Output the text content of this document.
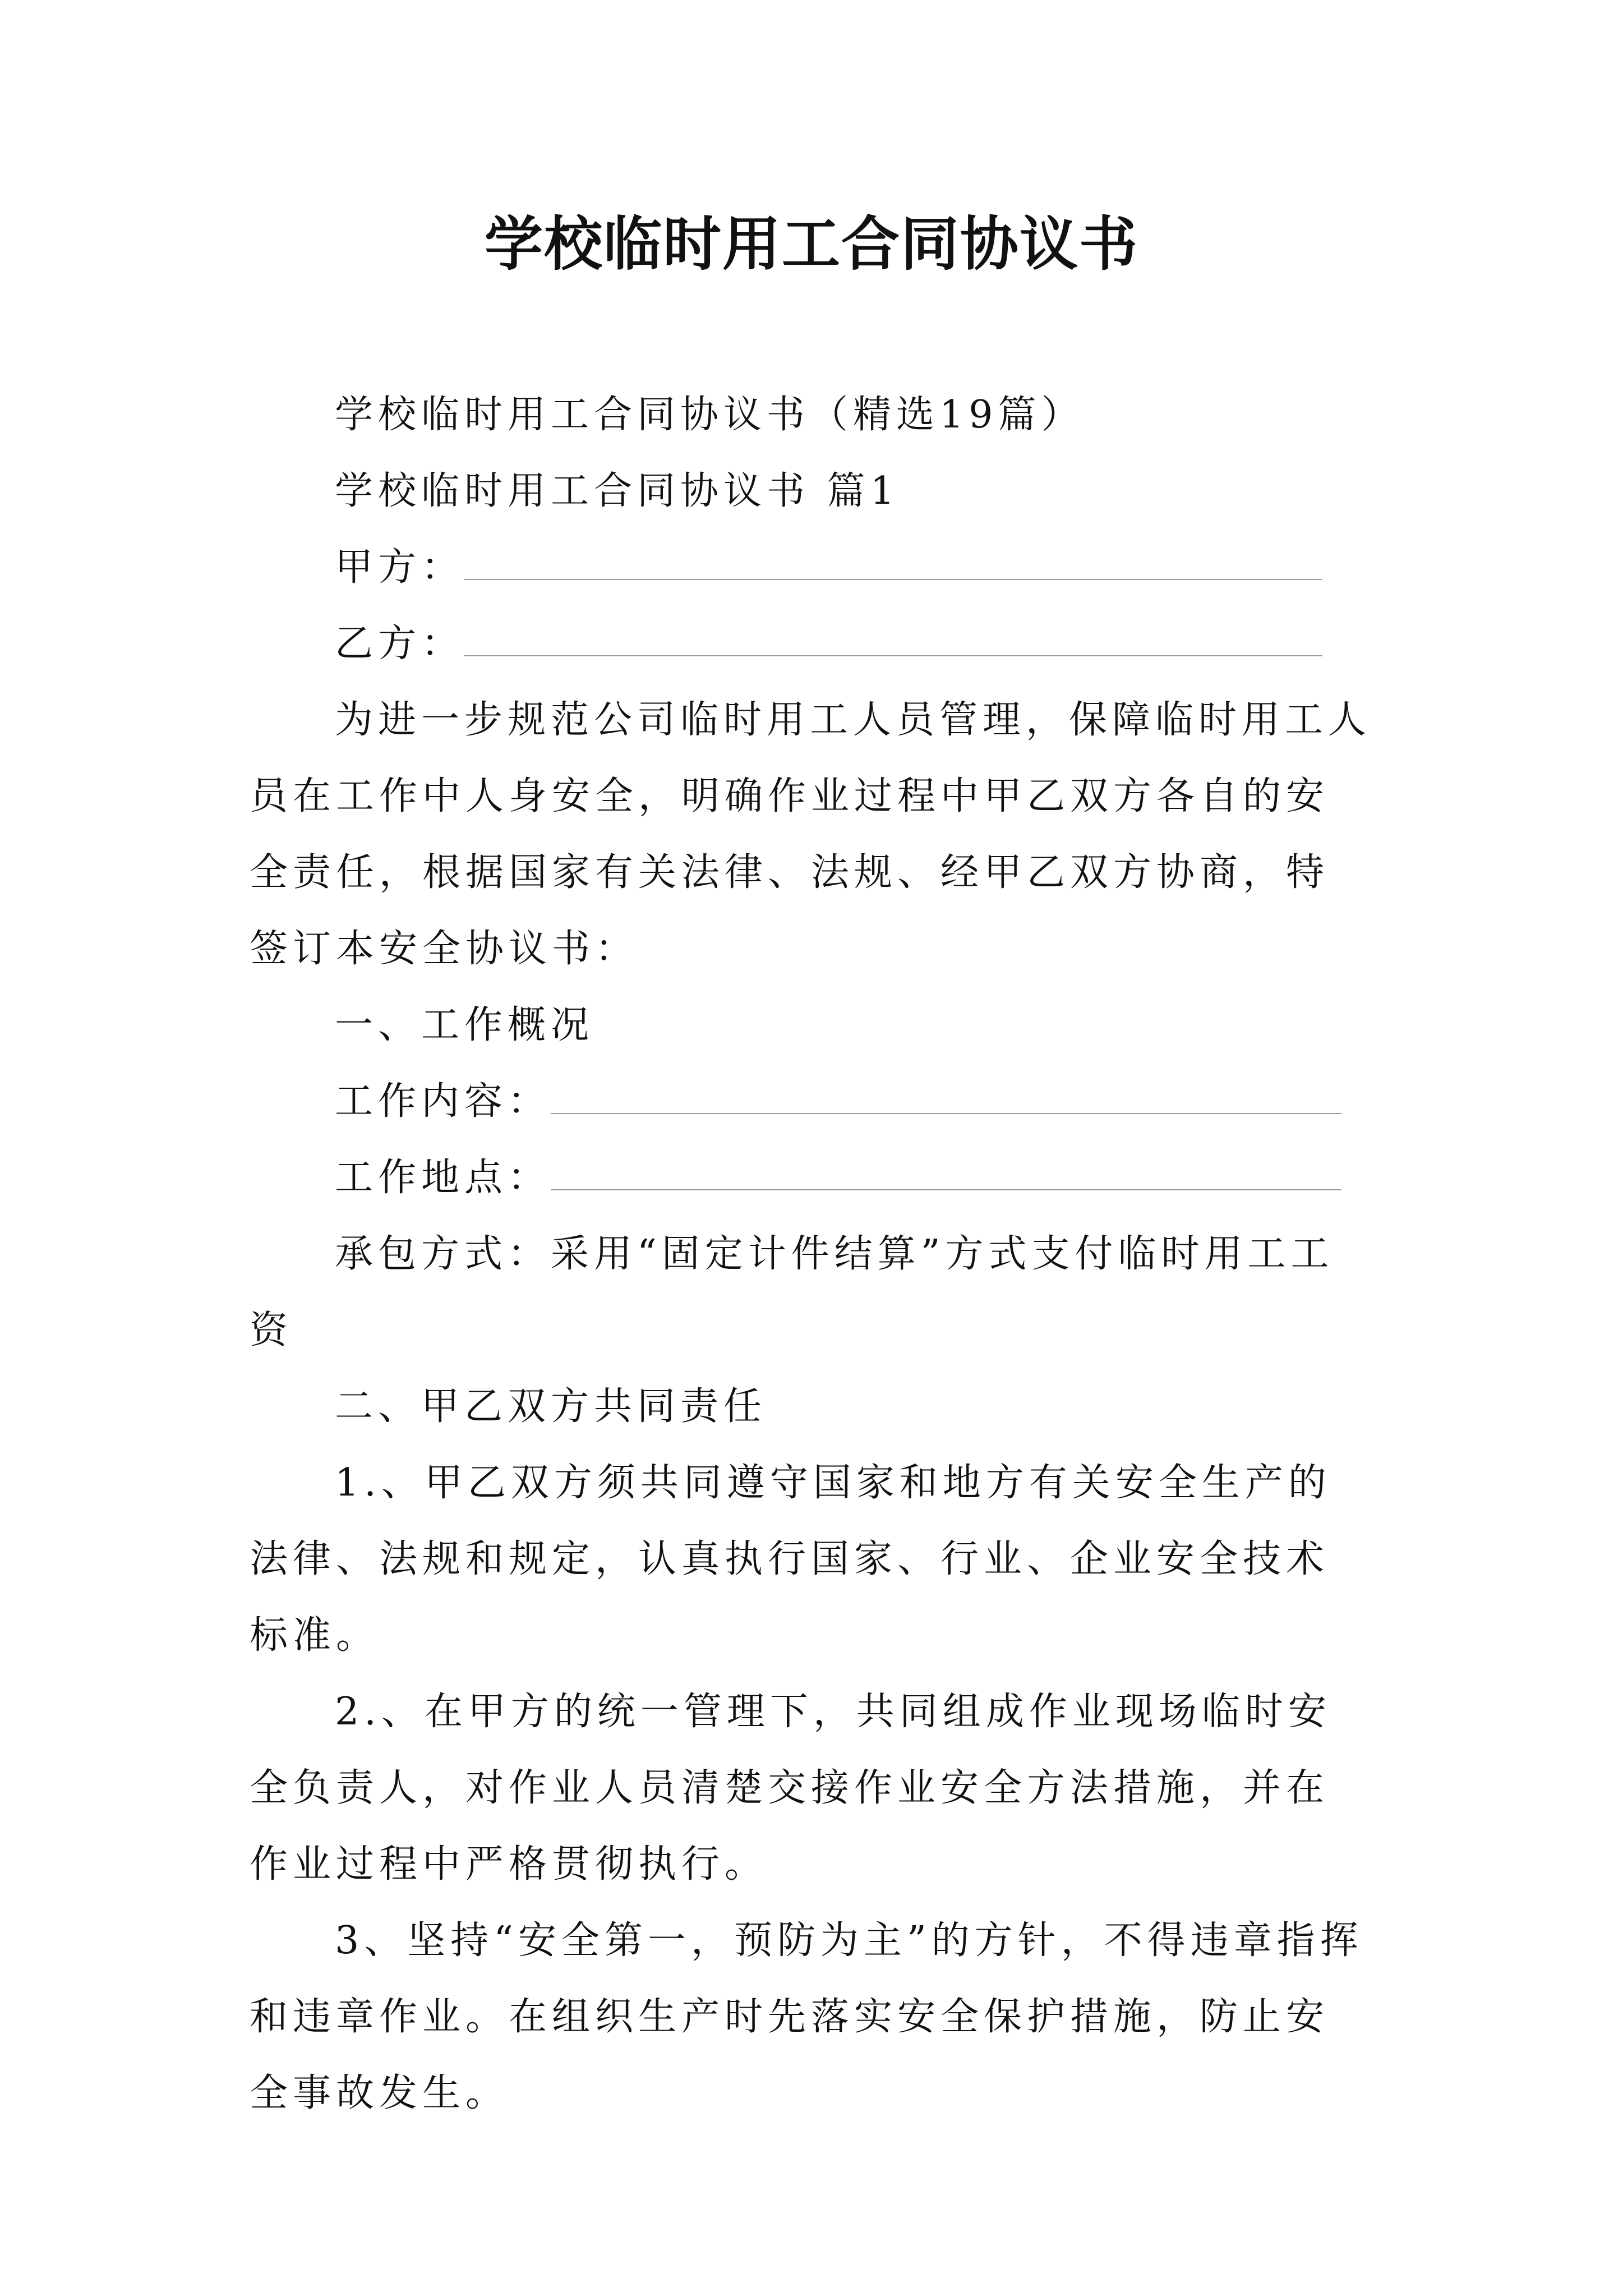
学校临时用工合同协议书

学校临时用工合同协议书（精选19篇）

学校临时用工合同协议书 篇1

甲方：

乙方：

为进一步规范公司临时用工人员管理，保障临时用工人员在工作中人身安全，明确作业过程中甲乙双方各自的安全责任，根据国家有关法律、法规、经甲乙双方协商，特签订本安全协议书：

一、工作概况

工作内容：

工作地点：

承包方式：采用“固定计件结算”方式支付临时用工工资

二、甲乙双方共同责任

1.、甲乙双方须共同遵守国家和地方有关安全生产的法律、法规和规定，认真执行国家、行业、企业安全技术标准。

2.、在甲方的统一管理下，共同组成作业现场临时安全负责人，对作业人员清楚交接作业安全方法措施，并在作业过程中严格贯彻执行。

3、坚持“安全第一，预防为主”的方针，不得违章指挥和违章作业。在组织生产时先落实安全保护措施，防止安全事故发生。
